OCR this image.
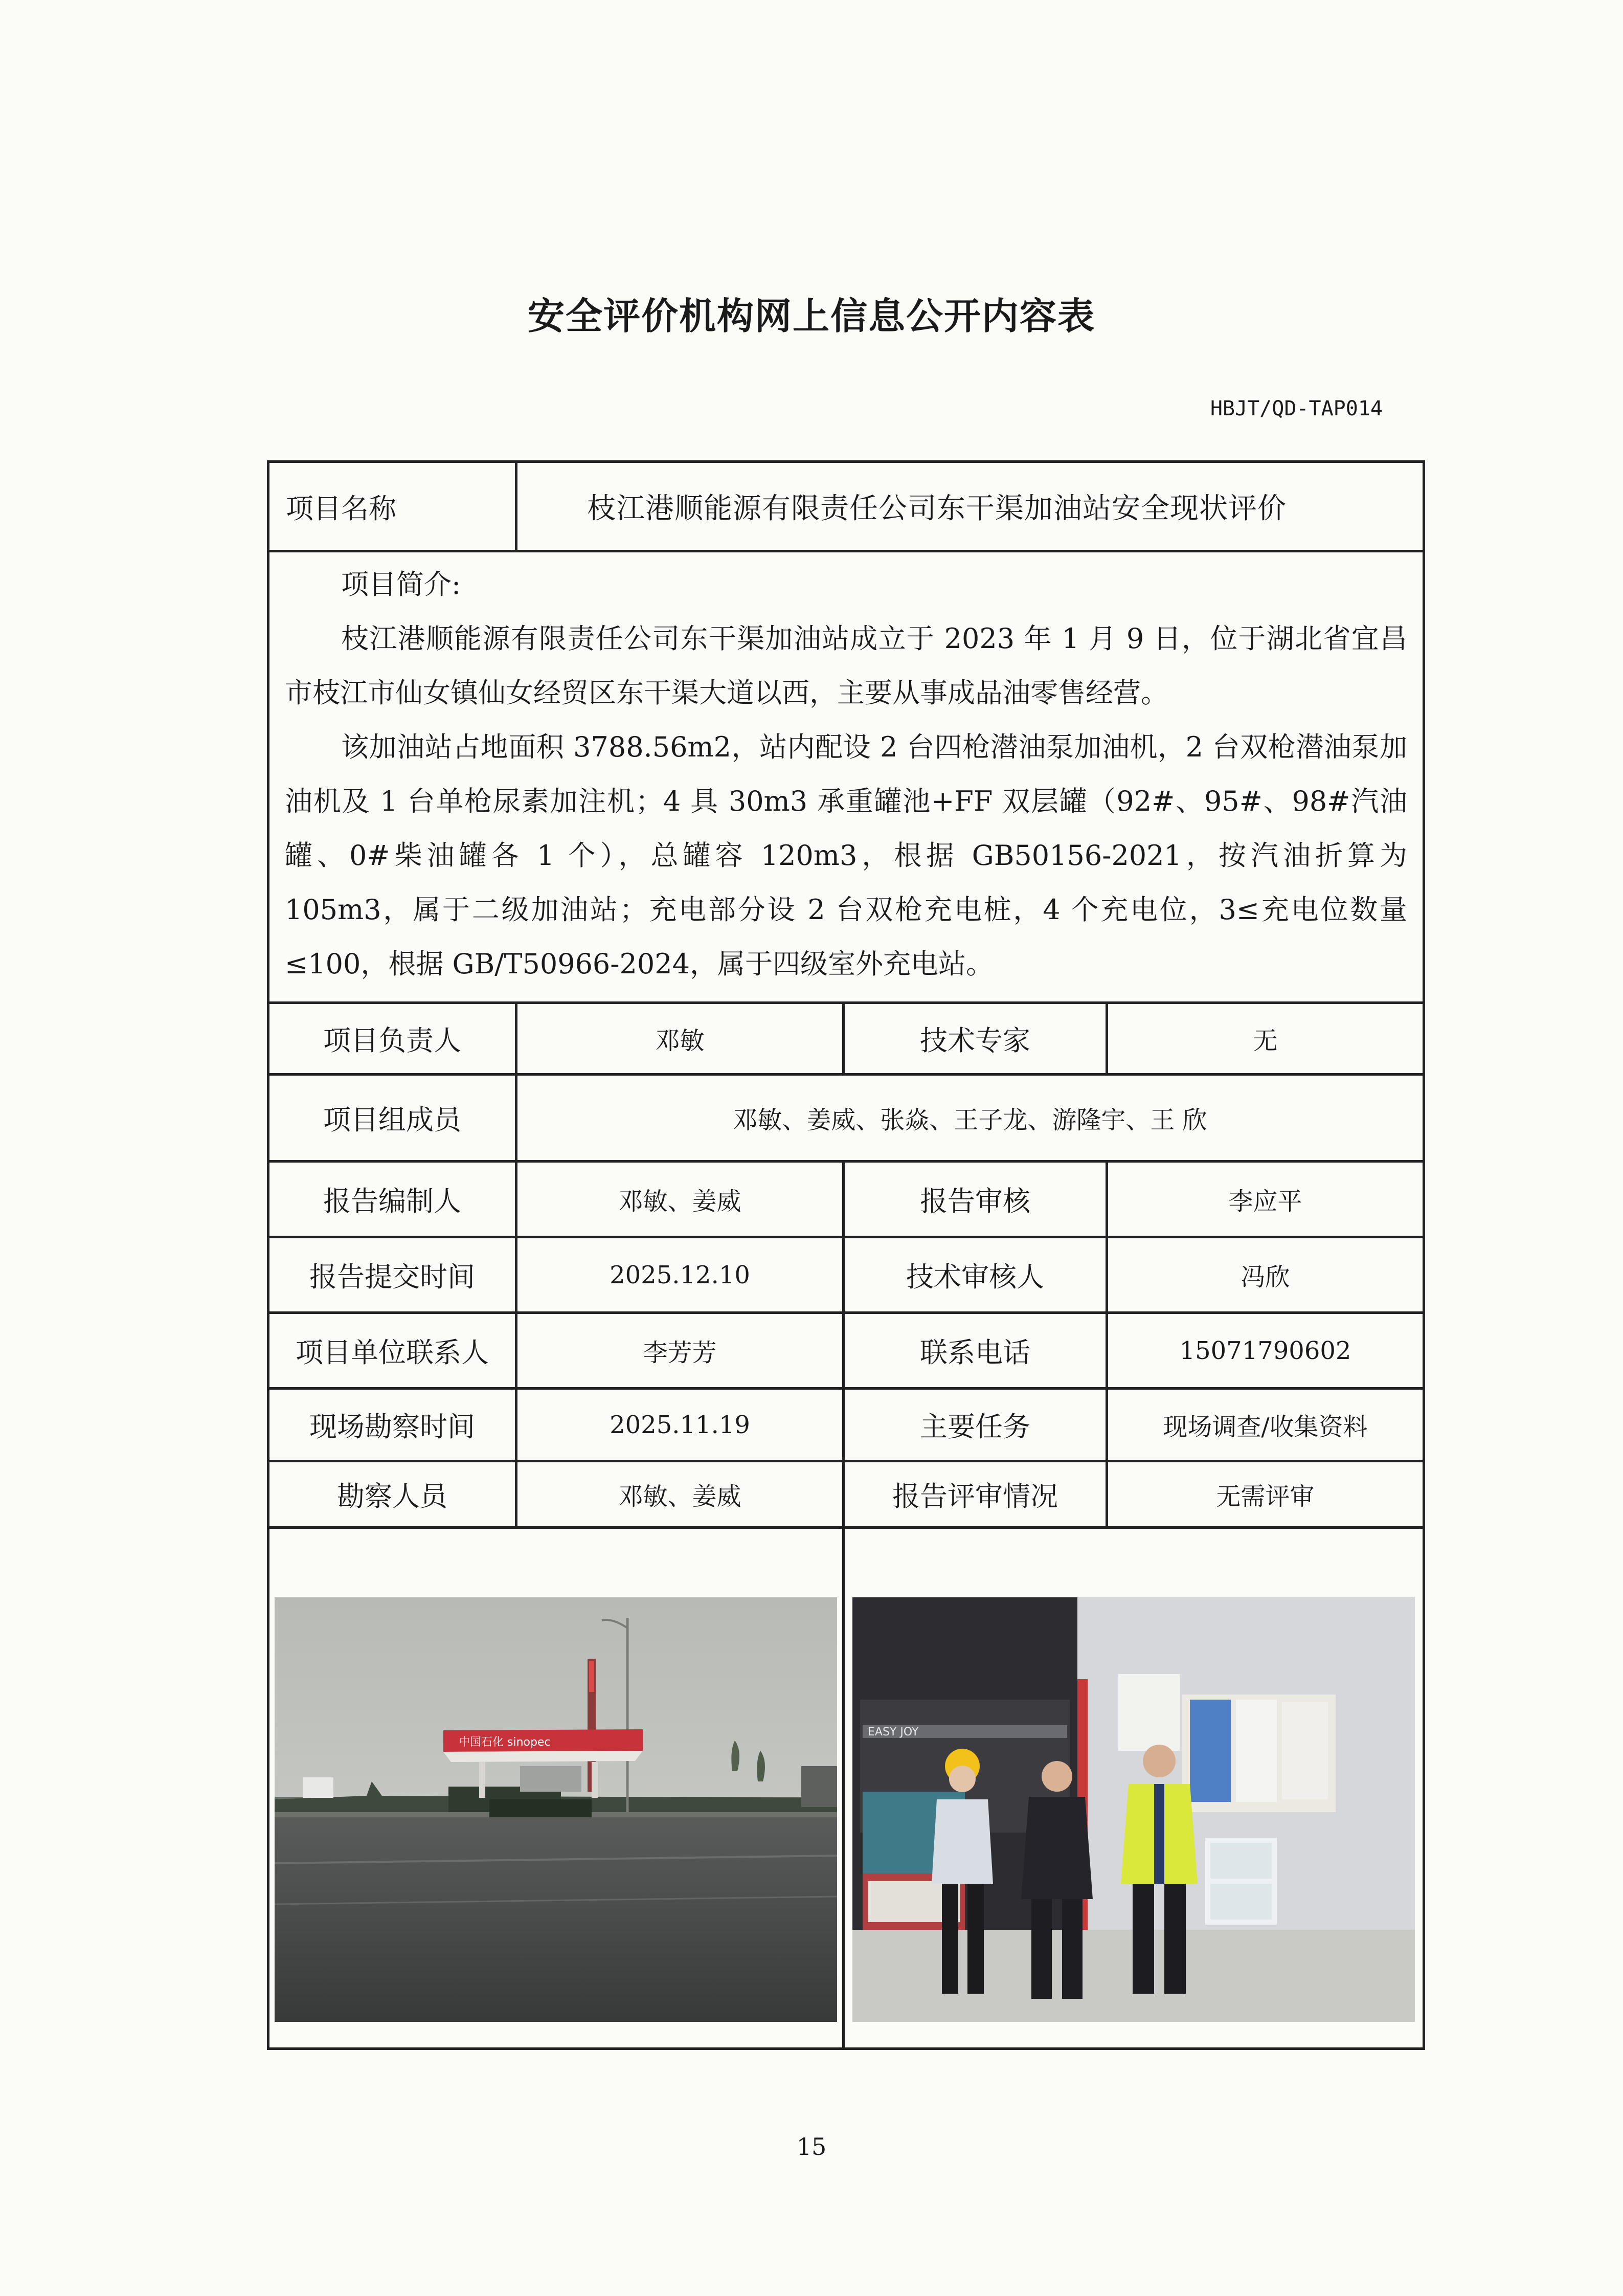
安全评价机构网上信息公开内容表
HBJT/QD-TAP014
项目名称	枝江港顺能源有限责任公司东干渠加油站安全现状评价		

项目简介:

枝江港顺能源有限责任公司东干渠加油站成立于 2023 年 1 月 9 日，位于湖北省宜昌市枝江市仙女镇仙女经贸区东干渠大道以西，主要从事成品油零售经营。

该加油站占地面积 3788.56m2，站内配设 2 台四枪潜油泵加油机，2 台双枪潜油泵加油机及 1 台单枪尿素加注机；4 具 30m3 承重罐池+FF 双层罐（92#、95#、98#汽油罐、0#柴油罐各 1 个），总罐容 120m3，根据 GB50156-2021，按汽油折算为 105m3，属于二级加油站；充电部分设 2 台双枪充电桩，4 个充电位，3≤充电位数量≤100，根据 GB/T50966-2024，属于四级室外充电站。			

项目负责人	邓敏	技术专家	无
项目组成员	邓敏、姜威、张焱、王子龙、游隆宇、王 欣		
报告编制人	邓敏、姜威	报告审核	李应平
报告提交时间	2025.12.10	技术审核人	冯欣
项目单位联系人	李芳芳	联系电话	15071790602
现场勘察时间	2025.11.19	主要任务	现场调查/收集资料
勘察人员	邓敏、姜威	报告评审情况	无需评审

中国石化 sinopec		EASY JOY	
15
